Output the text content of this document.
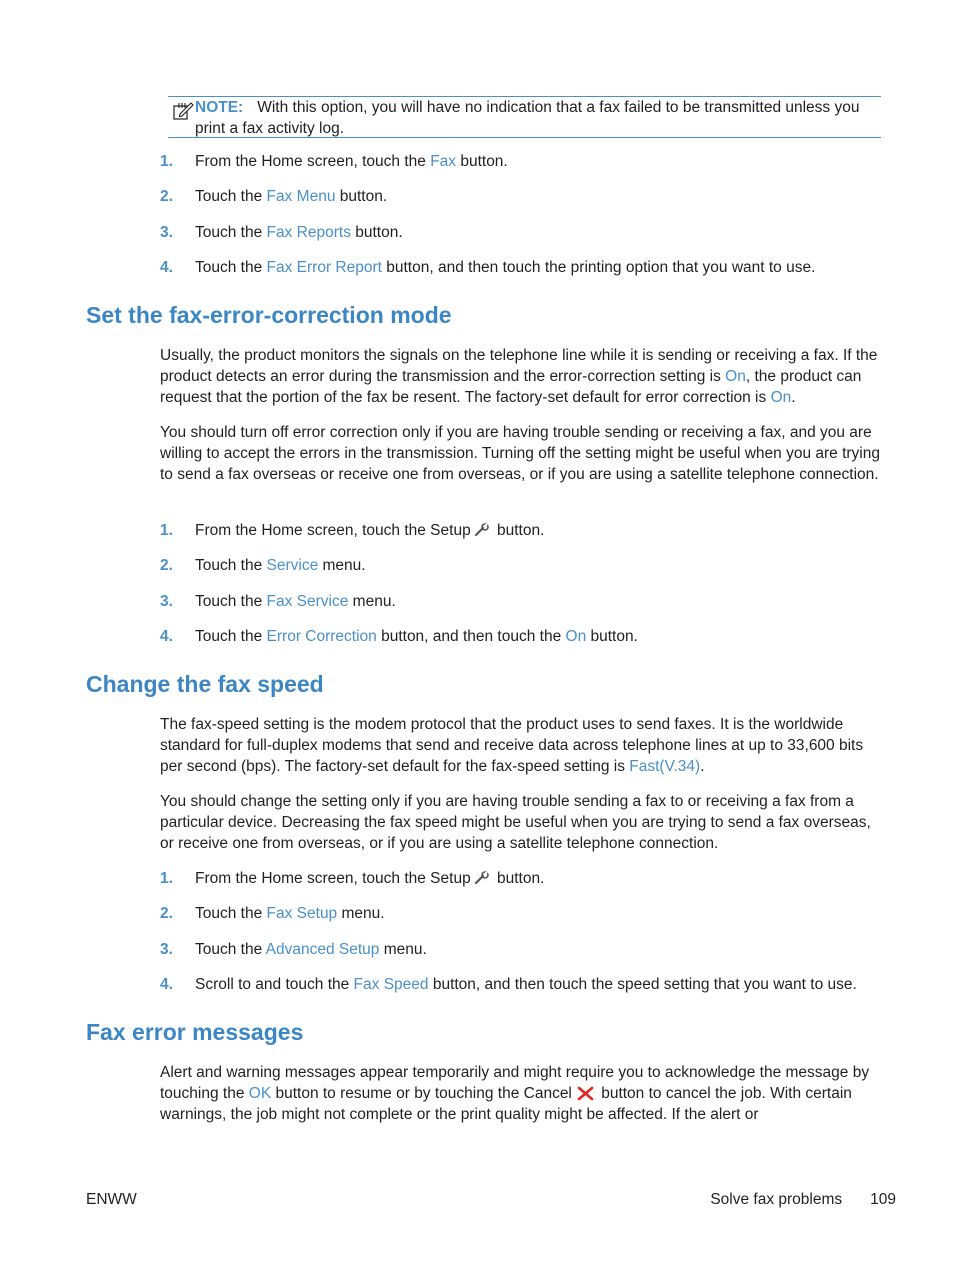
NOTE: With this option, you will have no indication that a fax failed to be transmitted unless you print a fax activity log.
1. From the Home screen, touch the Fax button.
2. Touch the Fax Menu button.
3. Touch the Fax Reports button.
4. Touch the Fax Error Report button, and then touch the printing option that you want to use.
Set the fax-error-correction mode

Usually, the product monitors the signals on the telephone line while it is sending or receiving a fax. If the product detects an error during the transmission and the error-correction setting is On, the product can request that the portion of the fax be resent. The factory-set default for error correction is On.

You should turn off error correction only if you are having trouble sending or receiving a fax, and you are willing to accept the errors in the transmission. Turning off the setting might be useful when you are trying to send a fax overseas or receive one from overseas, or if you are using a satellite telephone connection.

1. From the Home screen, touch the Setup button.
2. Touch the Service menu.
3. Touch the Fax Service menu.
4. Touch the Error Correction button, and then touch the On button.
Change the fax speed

The fax-speed setting is the modem protocol that the product uses to send faxes. It is the worldwide standard for full-duplex modems that send and receive data across telephone lines at up to 33,600 bits per second (bps). The factory-set default for the fax-speed setting is Fast(V.34).

You should change the setting only if you are having trouble sending a fax to or receiving a fax from a particular device. Decreasing the fax speed might be useful when you are trying to send a fax overseas, or receive one from overseas, or if you are using a satellite telephone connection.

1. From the Home screen, touch the Setup button.
2. Touch the Fax Setup menu.
3. Touch the Advanced Setup menu.
4. Scroll to and touch the Fax Speed button, and then touch the speed setting that you want to use.
Fax error messages

Alert and warning messages appear temporarily and might require you to acknowledge the message by touching the OK button to resume or by touching the Cancel button to cancel the job. With certain warnings, the job might not complete or the print quality might be affected. If the alert or

ENWW	Solve fax problems 109
